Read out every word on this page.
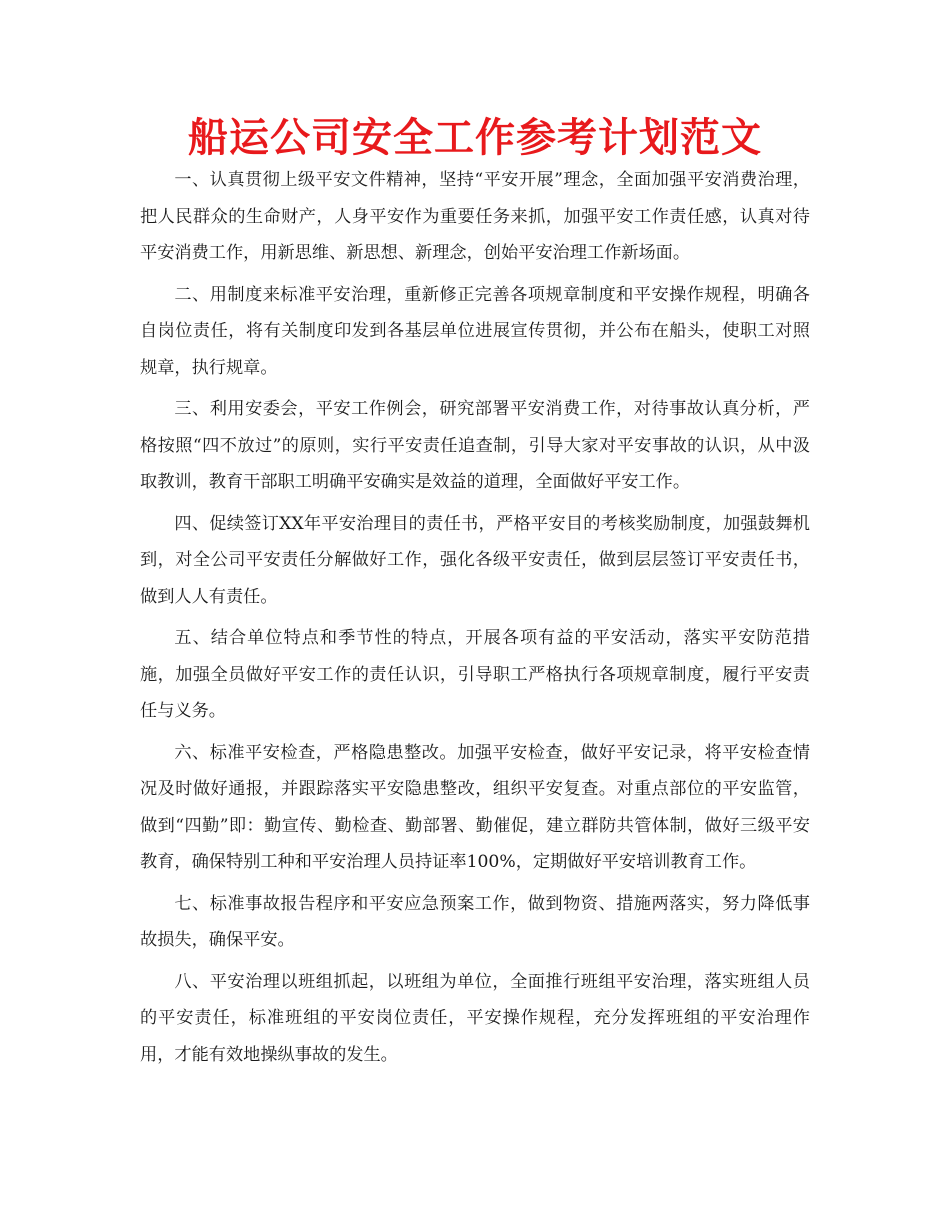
船运公司安全工作参考计划范文

一、认真贯彻上级平安文件精神，坚持“平安开展”理念，全面加强平安消费治理，把人民群众的生命财产，人身平安作为重要任务来抓，加强平安工作责任感，认真对待平安消费工作，用新思维、新思想、新理念，创始平安治理工作新场面。

二、用制度来标准平安治理，重新修正完善各项规章制度和平安操作规程，明确各自岗位责任，将有关制度印发到各基层单位进展宣传贯彻，并公布在船头，使职工对照规章，执行规章。

三、利用安委会，平安工作例会，研究部署平安消费工作，对待事故认真分析，严格按照“四不放过”的原则，实行平安责任追查制，引导大家对平安事故的认识，从中汲取教训，教育干部职工明确平安确实是效益的道理，全面做好平安工作。

四、促续签订XX年平安治理目的责任书，严格平安目的考核奖励制度，加强鼓舞机到，对全公司平安责任分解做好工作，强化各级平安责任，做到层层签订平安责任书，做到人人有责任。

五、结合单位特点和季节性的特点，开展各项有益的平安活动，落实平安防范措施，加强全员做好平安工作的责任认识，引导职工严格执行各项规章制度，履行平安责任与义务。

六、标准平安检查，严格隐患整改。加强平安检查，做好平安记录，将平安检查情况及时做好通报，并跟踪落实平安隐患整改，组织平安复查。对重点部位的平安监管，做到“四勤”即：勤宣传、勤检查、勤部署、勤催促，建立群防共管体制，做好三级平安教育，确保特别工种和平安治理人员持证率100%，定期做好平安培训教育工作。

七、标准事故报告程序和平安应急预案工作，做到物资、措施两落实，努力降低事故损失，确保平安。

八、平安治理以班组抓起，以班组为单位，全面推行班组平安治理，落实班组人员的平安责任，标准班组的平安岗位责任，平安操作规程，充分发挥班组的平安治理作用，才能有效地操纵事故的发生。
